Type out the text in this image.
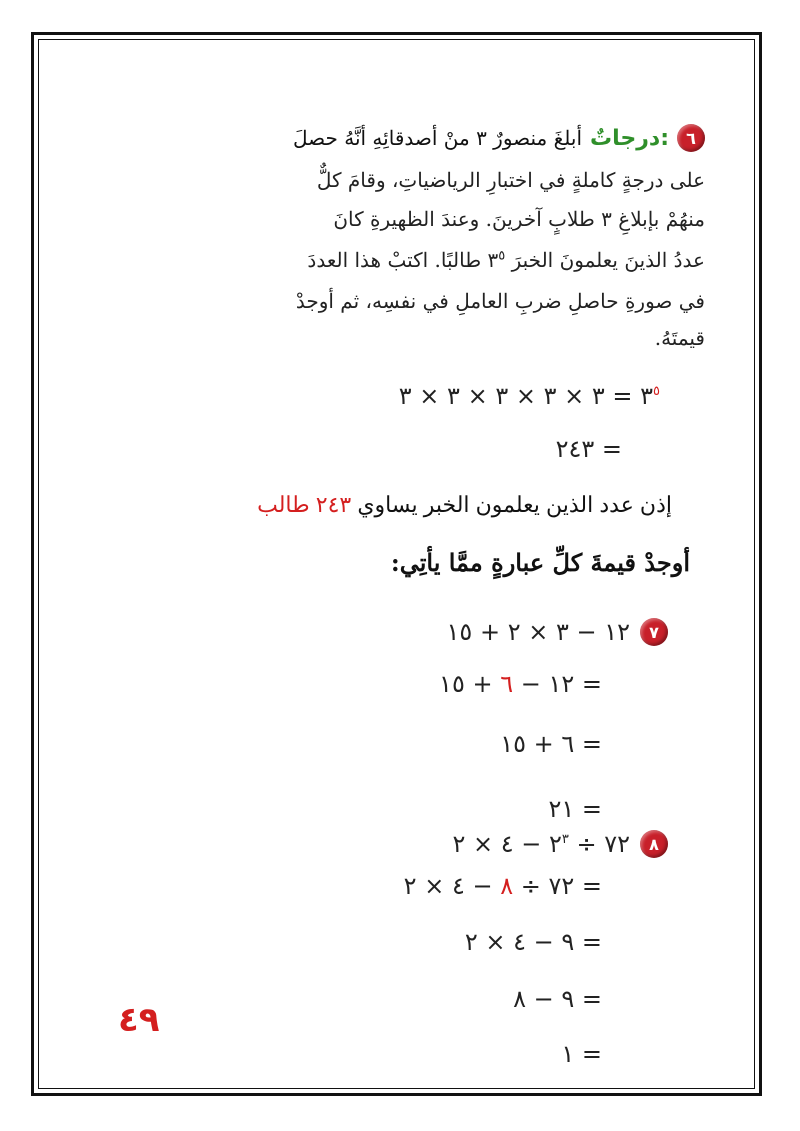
٦
درجاتٌ:
أبلغَ منصورٌ ٣ منْ أصدقائِهِ أنَّهُ حصلَ
على درجةٍ كاملةٍ في اختبارِ الرياضياتِ، وقامَ كلٌّ
منهُمْ بإبلاغِ ٣ طلابٍ آخرينَ. وعندَ الظهيرةِ كانَ
عددُ الذينَ يعلمونَ الخبرَ $٣^٥$ طالبًا. اكتبْ هذا العددَ
في صورةِ حاصلِ ضربِ العاملِ في نفسِه، ثم أوجدْ
قيمتَهُ.
$٣^٥$ = ٣ × ٣ × ٣ × ٣ × ٣
= ٢٤٣
إذن عدد الذين يعلمون الخبر يساوي ٢٤٣ طالب
أوجدْ قيمةَ كلِّ عبارةٍ ممَّا يأتِي:
٧
١٢ − ٣ × ٢ + ١٥
= ١٢ − ٦ + ١٥
= ٦ + ١٥
= ٢١
٨
٧٢ ÷ $٢^٣$ − ٤ × ٢
= ٧٢ ÷ ٨ − ٤ × ٢
= ٩ − ٤ × ٢
= ٩ − ٨
= ١
٤٩
